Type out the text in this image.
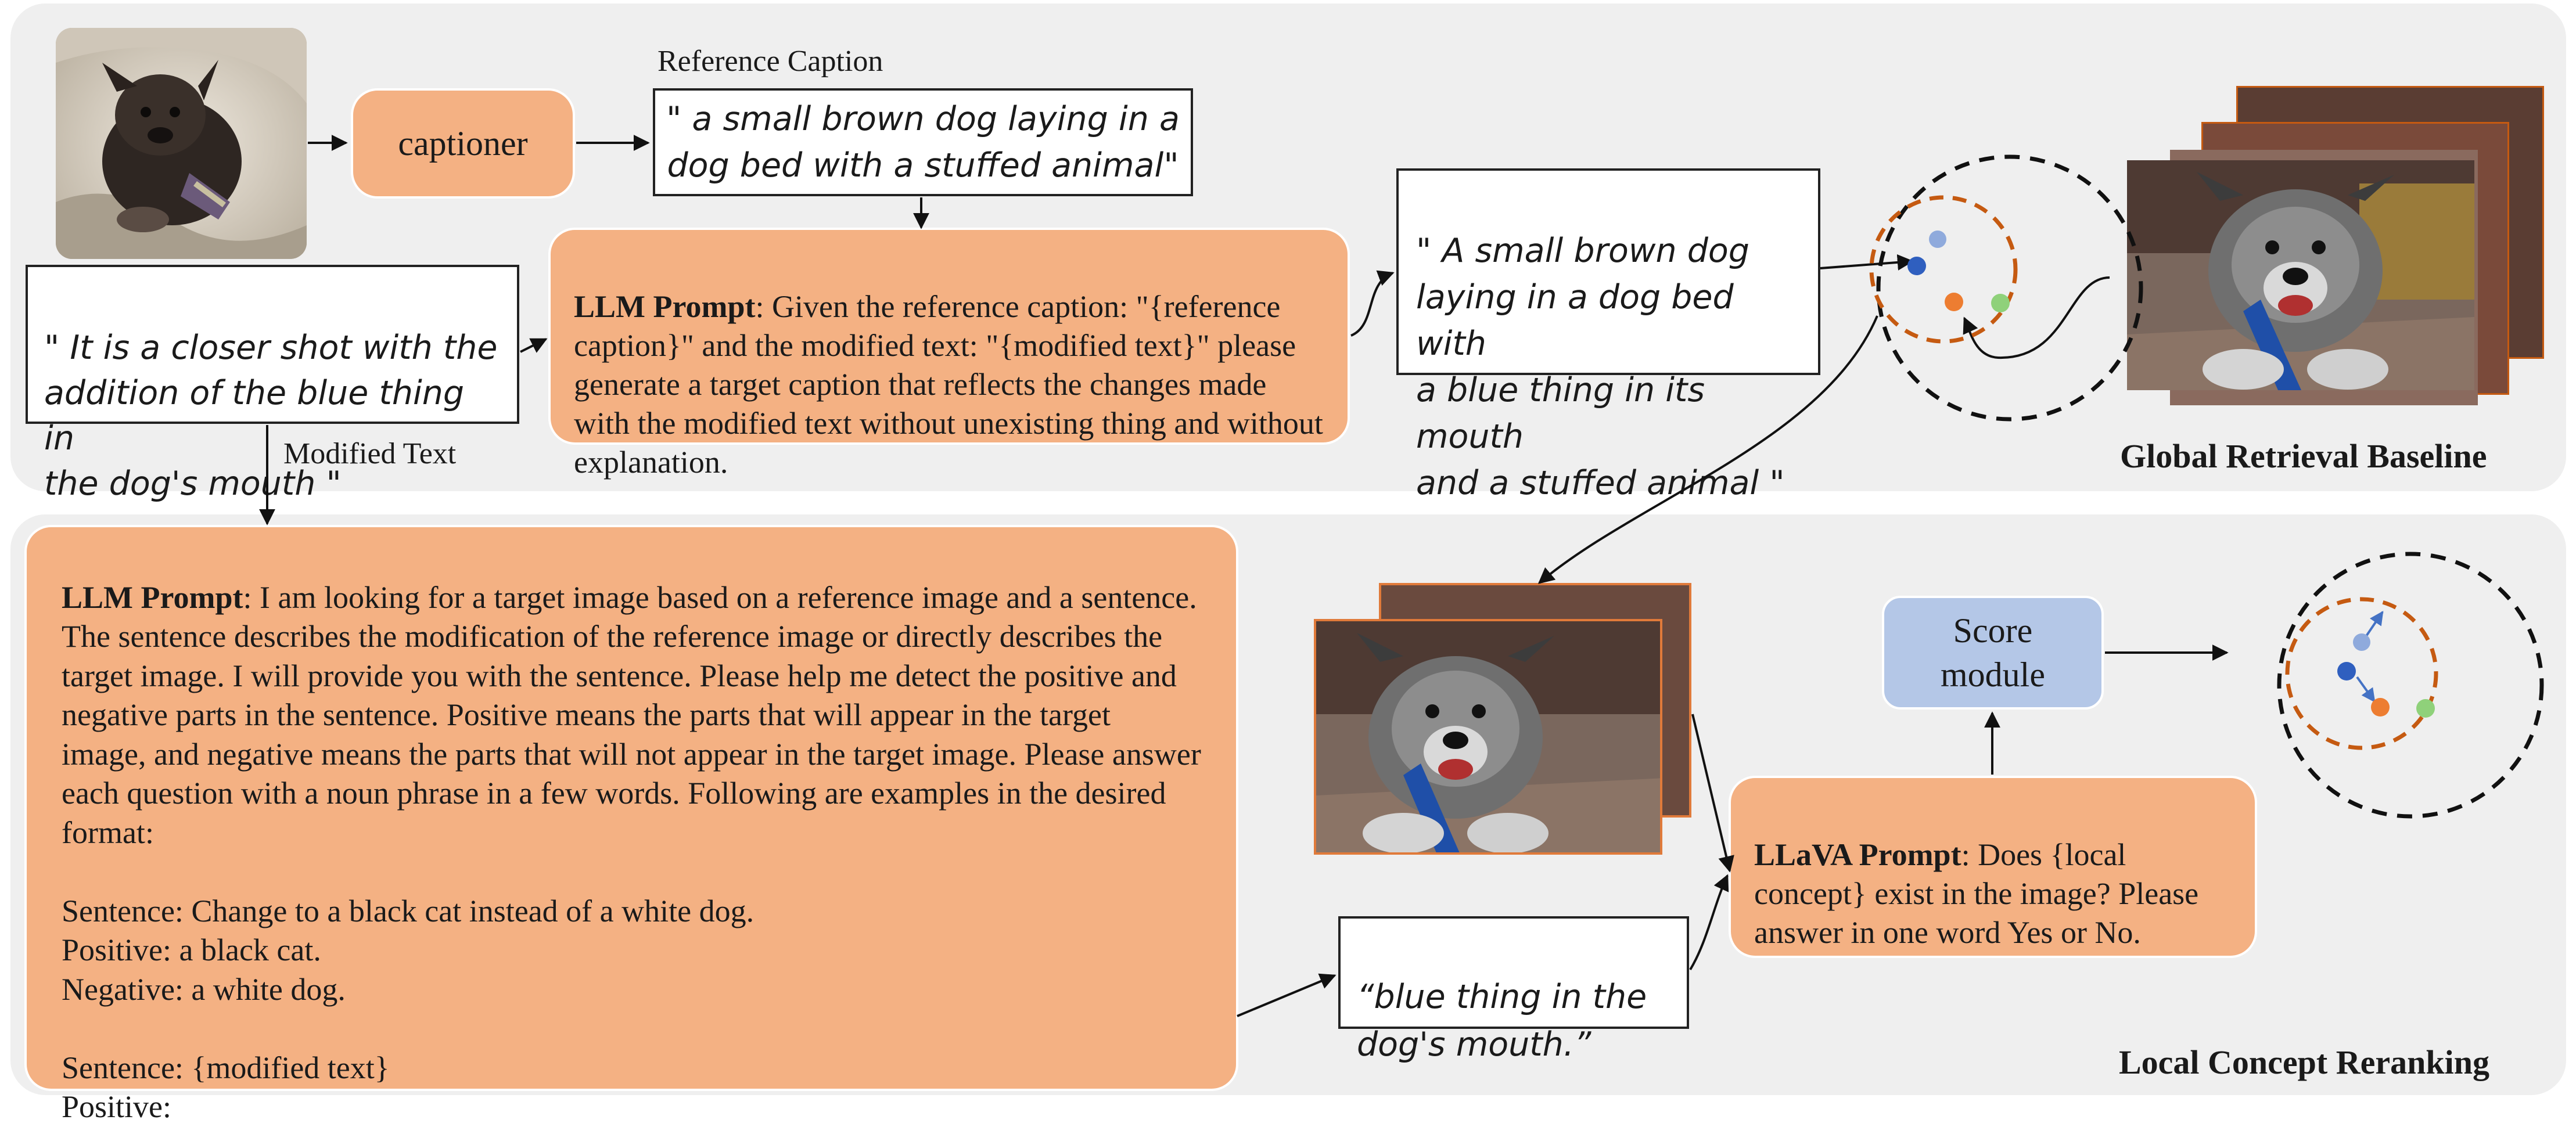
captioner
Reference Caption
" a small brown dog laying in a
dog bed with a stuffed animal"

" It is a closer shot with the
addition of the blue thing in
the dog's mouth "

Modified Text

LLM Prompt: Given the reference caption: "{reference caption}" and the modified text: "{modified text}" please generate a target caption that reflects the changes made with the modified text without unexisting thing and without explanation.

" A small brown dog
laying in a dog bed with
a blue thing in its mouth
and a stuffed animal "

Global Retrieval Baseline

LLM Prompt: I am looking for a target image based on a reference image and a sentence. The sentence describes the modification of the reference image or directly describes the target image. I will provide you with the sentence. Please help me detect the positive and negative parts in the sentence. Positive means the parts that will appear in the target image, and negative means the parts that will not appear in the target image. Please answer each question with a noun phrase in a few words. Following are examples in the desired format:

Sentence: Change to a black cat instead of a white dog.
Positive: a black cat.
Negative: a white dog.

Sentence: {modified text}
Positive:

“blue thing in the
dog's mouth.”

LLaVA Prompt: Does {local concept} exist in the image? Please answer in one word Yes or No.

Score
module
Local Concept Reranking
